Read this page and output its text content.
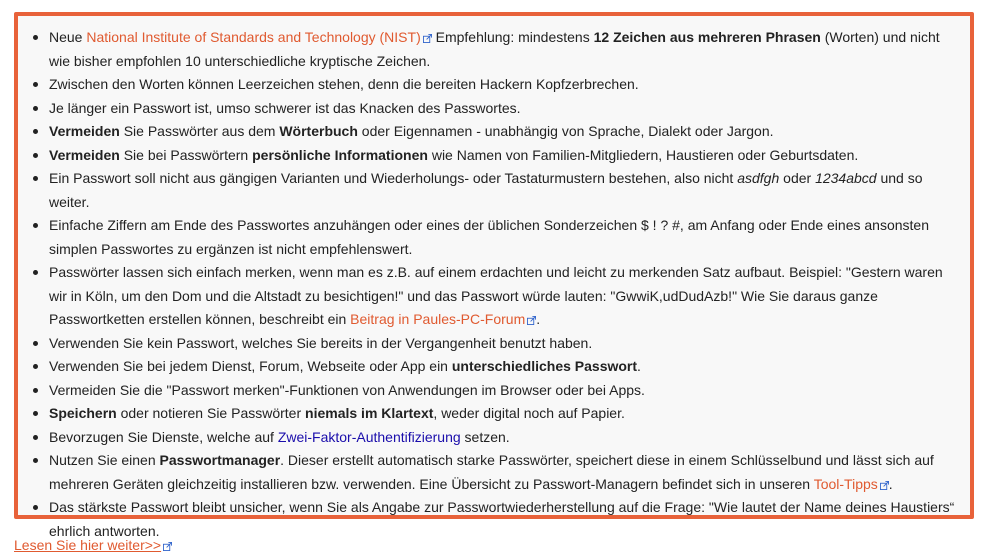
Neue National Institute of Standards and Technology (NIST) Empfehlung: mindestens 12 Zeichen aus mehreren Phrasen (Worten) und nicht wie bisher empfohlen 10 unterschiedliche kryptische Zeichen.
Zwischen den Worten können Leerzeichen stehen, denn die bereiten Hackern Kopfzerbrechen.
Je länger ein Passwort ist, umso schwerer ist das Knacken des Passwortes.
Vermeiden Sie Passwörter aus dem Wörterbuch oder Eigennamen - unabhängig von Sprache, Dialekt oder Jargon.
Vermeiden Sie bei Passwörtern persönliche Informationen wie Namen von Familien-Mitgliedern, Haustieren oder Geburtsdaten.
Ein Passwort soll nicht aus gängigen Varianten und Wiederholungs- oder Tastaturmustern bestehen, also nicht asdfgh oder 1234abcd und so weiter.
Einfache Ziffern am Ende des Passwortes anzuhängen oder eines der üblichen Sonderzeichen $ ! ? #, am Anfang oder Ende eines ansonsten simplen Passwortes zu ergänzen ist nicht empfehlenswert.
Passwörter lassen sich einfach merken, wenn man es z.B. auf einem erdachten und leicht zu merkenden Satz aufbaut. Beispiel: "Gestern waren wir in Köln, um den Dom und die Altstadt zu besichtigen!" und das Passwort würde lauten: "GwwiK,udDudAzb!" Wie Sie daraus ganze Passwortketten erstellen können, beschreibt ein Beitrag in Paules-PC-Forum .
Verwenden Sie kein Passwort, welches Sie bereits in der Vergangenheit benutzt haben.
Verwenden Sie bei jedem Dienst, Forum, Webseite oder App ein unterschiedliches Passwort.
Vermeiden Sie die "Passwort merken"-Funktionen von Anwendungen im Browser oder bei Apps.
Speichern oder notieren Sie Passwörter niemals im Klartext, weder digital noch auf Papier.
Bevorzugen Sie Dienste, welche auf Zwei-Faktor-Authentifizierung setzen.
Nutzen Sie einen Passwortmanager. Dieser erstellt automatisch starke Passwörter, speichert diese in einem Schlüsselbund und lässt sich auf mehreren Geräten gleichzeitig installieren bzw. verwenden. Eine Übersicht zu Passwort-Managern befindet sich in unseren Tool-Tipps .
Das stärkste Passwort bleibt unsicher, wenn Sie als Angabe zur Passwortwiederherstellung auf die Frage: "Wie lautet der Name deines Haustiers“ ehrlich antworten.
Lesen Sie hier weiter>>
